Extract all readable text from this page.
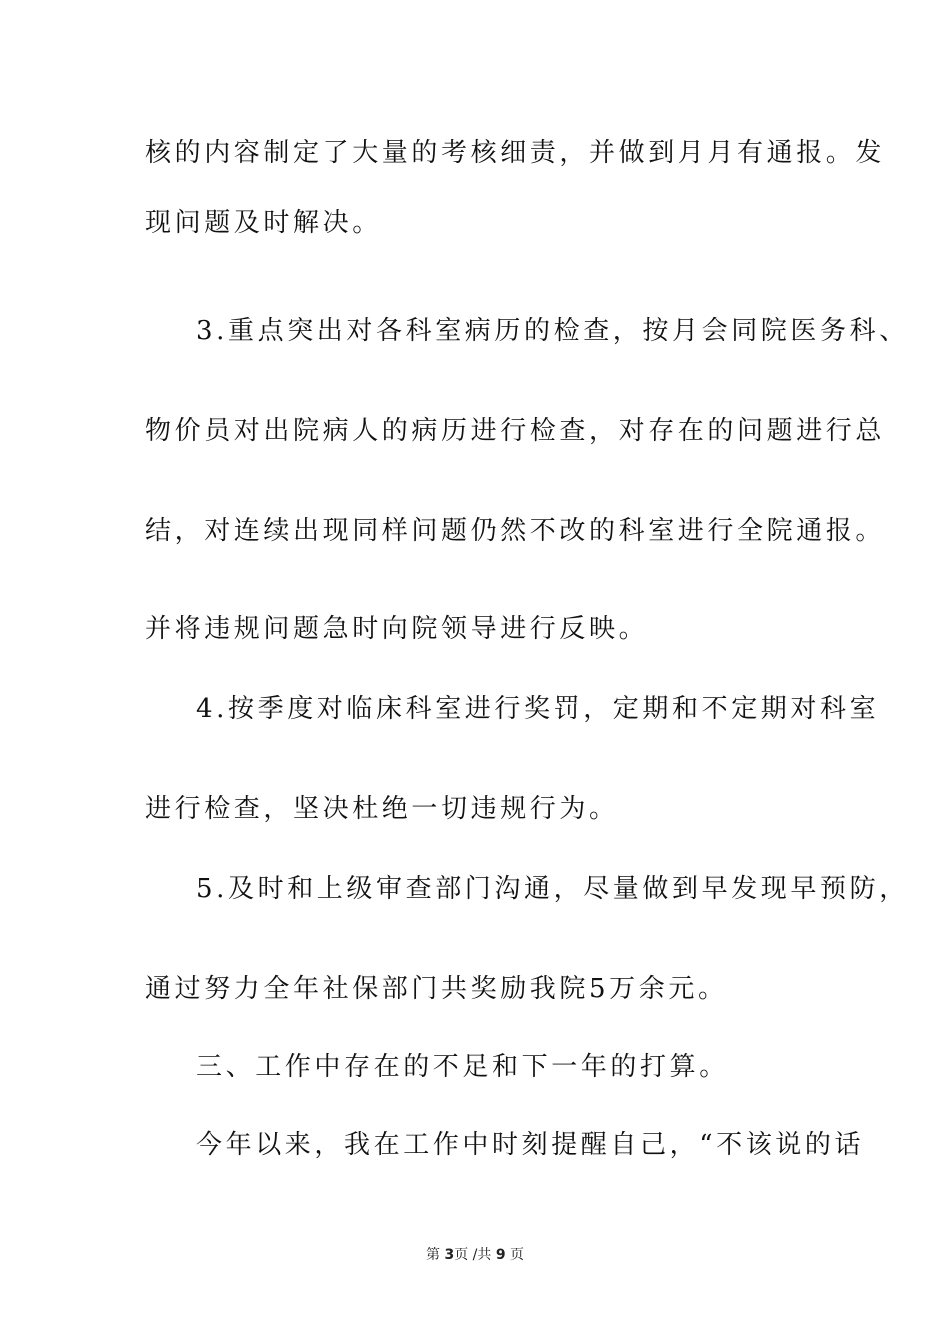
核的内容制定了大量的考核细责，并做到月月有通报。发
现问题及时解决。
3.重点突出对各科室病历的检查，按月会同院医务科、
物价员对出院病人的病历进行检查，对存在的问题进行总
结，对连续出现同样问题仍然不改的科室进行全院通报。
并将违规问题急时向院领导进行反映。
4.按季度对临床科室进行奖罚，定期和不定期对科室
进行检查，坚决杜绝一切违规行为。
5.及时和上级审查部门沟通，尽量做到早发现早预防，
通过努力全年社保部门共奖励我院5万余元。
三、工作中存在的不足和下一年的打算。
今年以来，我在工作中时刻提醒自己，“不该说的话
第 3页 /共 9 页
